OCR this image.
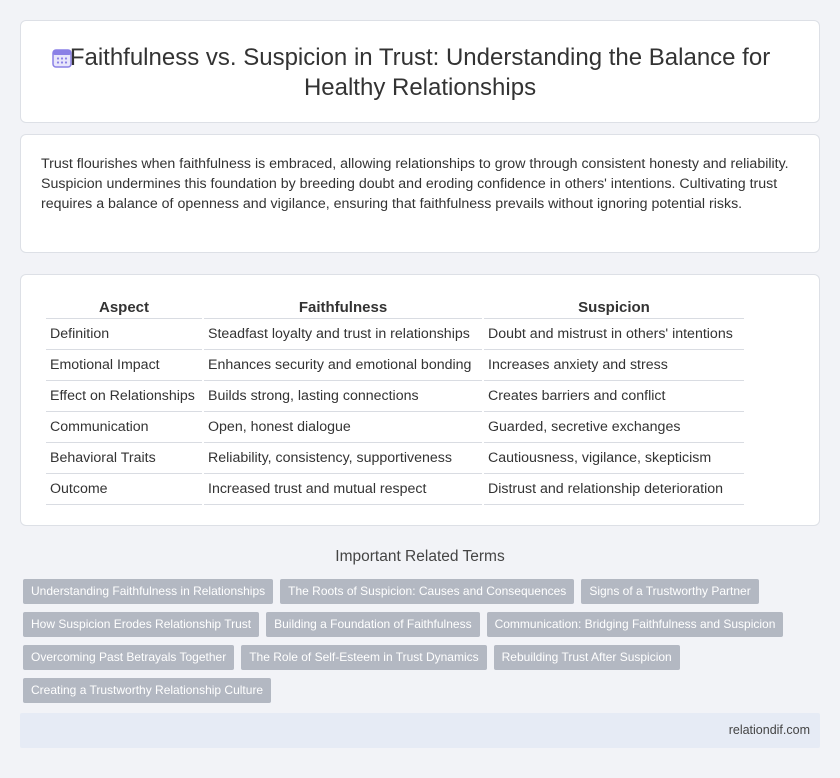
Faithfulness vs. Suspicion in Trust: Understanding the Balance for Healthy Relationships

Trust flourishes when faithfulness is embraced, allowing relationships to grow through consistent honesty and reliability. Suspicion undermines this foundation by breeding doubt and eroding confidence in others' intentions. Cultivating trust requires a balance of openness and vigilance, ensuring that faithfulness prevails without ignoring potential risks.

Aspect	Faithfulness	Suspicion
Definition	Steadfast loyalty and trust in relationships	Doubt and mistrust in others' intentions
Emotional Impact	Enhances security and emotional bonding	Increases anxiety and stress
Effect on Relationships	Builds strong, lasting connections	Creates barriers and conflict
Communication	Open, honest dialogue	Guarded, secretive exchanges
Behavioral Traits	Reliability, consistency, supportiveness	Cautiousness, vigilance, skepticism
Outcome	Increased trust and mutual respect	Distrust and relationship deterioration
Important Related Terms
Understanding Faithfulness in Relationships	The Roots of Suspicion: Causes and Consequences	Signs of a Trustworthy Partner
How Suspicion Erodes Relationship Trust	Building a Foundation of Faithfulness	Communication: Bridging Faithfulness and Suspicion
Overcoming Past Betrayals Together	The Role of Self-Esteem in Trust Dynamics	Rebuilding Trust After Suspicion
Creating a Trustworthy Relationship Culture
relationdif.com
